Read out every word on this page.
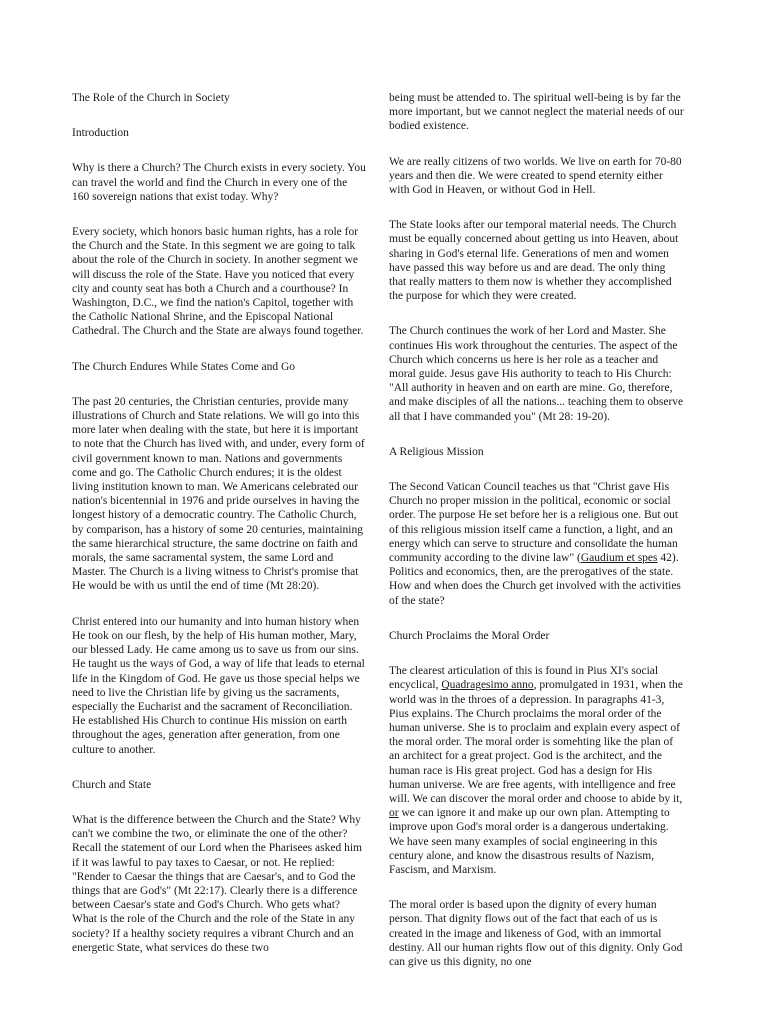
The Role of the Church in Society

Introduction

Why is there a Church? The Church exists in every society. You can travel the world and find the Church in every one of the 160 sovereign nations that exist today. Why?

Every society, which honors basic human rights, has a role for the Church and the State. In this segment we are going to talk about the role of the Church in society. In another segment we will discuss the role of the State. Have you noticed that every city and county seat has both a Church and a courthouse? In Washington, D.C., we find the nation's Capitol, together with the Catholic National Shrine, and the Episcopal National Cathedral. The Church and the State are always found together.

The Church Endures While States Come and Go

The past 20 centuries, the Christian centuries, provide many illustrations of Church and State relations. We will go into this more later when dealing with the state, but here it is important to note that the Church has lived with, and under, every form of civil government known to man. Nations and governments come and go. The Catholic Church endures; it is the oldest living institution known to man. We Americans celebrated our nation's bicentennial in 1976 and pride ourselves in having the longest history of a democratic country. The Catholic Church, by comparison, has a history of some 20 centuries, maintaining the same hierarchical structure, the same doctrine on faith and morals, the same sacramental system, the same Lord and Master. The Church is a living witness to Christ's promise that He would be with us until the end of time (Mt 28:20).

Christ entered into our humanity and into human history when He took on our flesh, by the help of His human mother, Mary, our blessed Lady. He came among us to save us from our sins. He taught us the ways of God, a way of life that leads to eternal life in the Kingdom of God. He gave us those special helps we need to live the Christian life by giving us the sacraments, especially the Eucharist and the sacrament of Reconciliation. He established His Church to continue His mission on earth throughout the ages, generation after generation, from one culture to another.

Church and State

What is the difference between the Church and the State? Why can't we combine the two, or eliminate the one of the other? Recall the statement of our Lord when the Pharisees asked him if it was lawful to pay taxes to Caesar, or not. He replied: "Render to Caesar the things that are Caesar's, and to God the things that are God's" (Mt 22:17). Clearly there is a difference between Caesar's state and God's Church. Who gets what? What is the role of the Church and the role of the State in any society? If a healthy society requires a vibrant Church and an energetic State, what services do these two

being must be attended to. The spiritual well-being is by far the more important, but we cannot neglect the material needs of our bodied existence.

We are really citizens of two worlds. We live on earth for 70-80 years and then die. We were created to spend eternity either with God in Heaven, or without God in Hell.

The State looks after our temporal material needs. The Church must be equally concerned about getting us into Heaven, about sharing in God's eternal life. Generations of men and women have passed this way before us and are dead. The only thing that really matters to them now is whether they accomplished the purpose for which they were created.

The Church continues the work of her Lord and Master. She continues His work throughout the centuries. The aspect of the Church which concerns us here is her role as a teacher and moral guide. Jesus gave His authority to teach to His Church: "All authority in heaven and on earth are mine. Go, therefore, and make disciples of all the nations... teaching them to observe all that I have commanded you" (Mt 28: 19-20).

A Religious Mission

The Second Vatican Council teaches us that "Christ gave His Church no proper mission in the political, economic or social order. The purpose He set before her is a religious one. But out of this religious mission itself came a function, a light, and an energy which can serve to structure and consolidate the human community according to the divine law" (Gaudium et spes 42). Politics and economics, then, are the prerogatives of the state. How and when does the Church get involved with the activities of the state?

Church Proclaims the Moral Order

The clearest articulation of this is found in Pius XI's social encyclical, Quadragesimo anno, promulgated in 1931, when the world was in the throes of a depression. In paragraphs 41-3, Pius explains. The Church proclaims the moral order of the human universe. She is to proclaim and explain every aspect of the moral order. The moral order is somehting like the plan of an architect for a great project. God is the architect, and the human race is His great project. God has a design for His human universe. We are free agents, with intelligence and free will. We can discover the moral order and choose to abide by it, or we can ignore it and make up our own plan. Attempting to improve upon God's moral order is a dangerous undertaking. We have seen many examples of social engineering in this century alone, and know the disastrous results of Nazism, Fascism, and Marxism.

The moral order is based upon the dignity of every human person. That dignity flows out of the fact that each of us is created in the image and likeness of God, with an immortal destiny. All our human rights flow out of this dignity. Only God can give us this dignity, no one
